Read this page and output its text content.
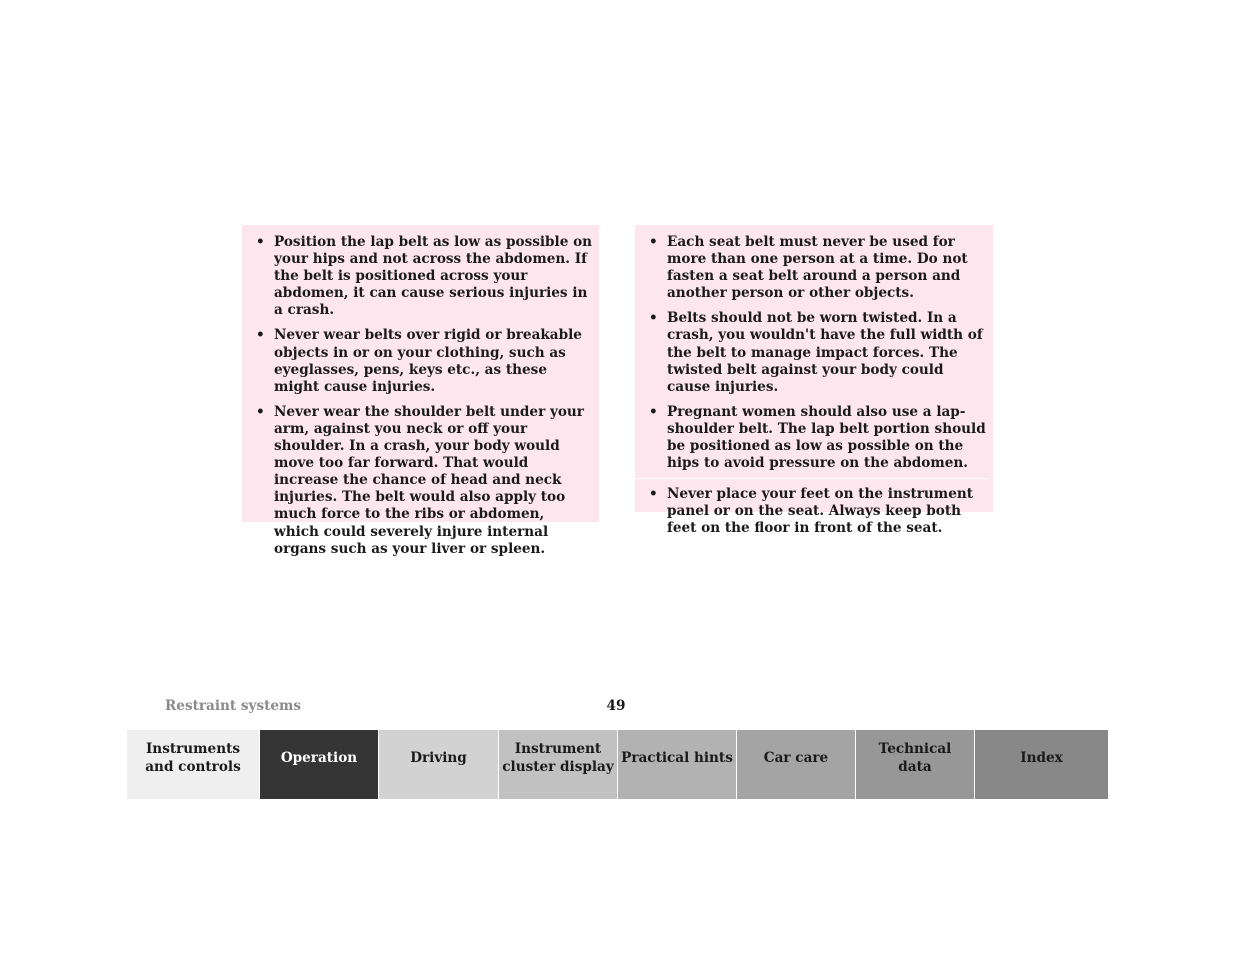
• Position the lap belt as low as possible on your hips and not across the abdomen. If the belt is positioned across your abdomen, it can cause serious injuries in a crash.
• Never wear belts over rigid or breakable objects in or on your clothing, such as eyeglasses, pens, keys etc., as these might cause injuries.
• Never wear the shoulder belt under your arm, against you neck or off your shoulder. In a crash, your body would move too far forward. That would increase the chance of head and neck injuries. The belt would also apply too much force to the ribs or abdomen, which could severely injure internal organs such as your liver or spleen.
• Each seat belt must never be used for more than one person at a time. Do not fasten a seat belt around a person and another person or other objects.
• Belts should not be worn twisted. In a crash, you wouldn't have the full width of the belt to manage impact forces. The twisted belt against your body could cause injuries.
• Pregnant women should also use a lap-shoulder belt. The lap belt portion should be positioned as low as possible on the hips to avoid pressure on the abdomen.
• Never place your feet on the instrument panel or on the seat. Always keep both feet on the floor in front of the seat.
Restraint systems	49
Instruments
and controls
Operation	Driving
Instrument
cluster display
Practical hints	Car care
Technical
data
Index
